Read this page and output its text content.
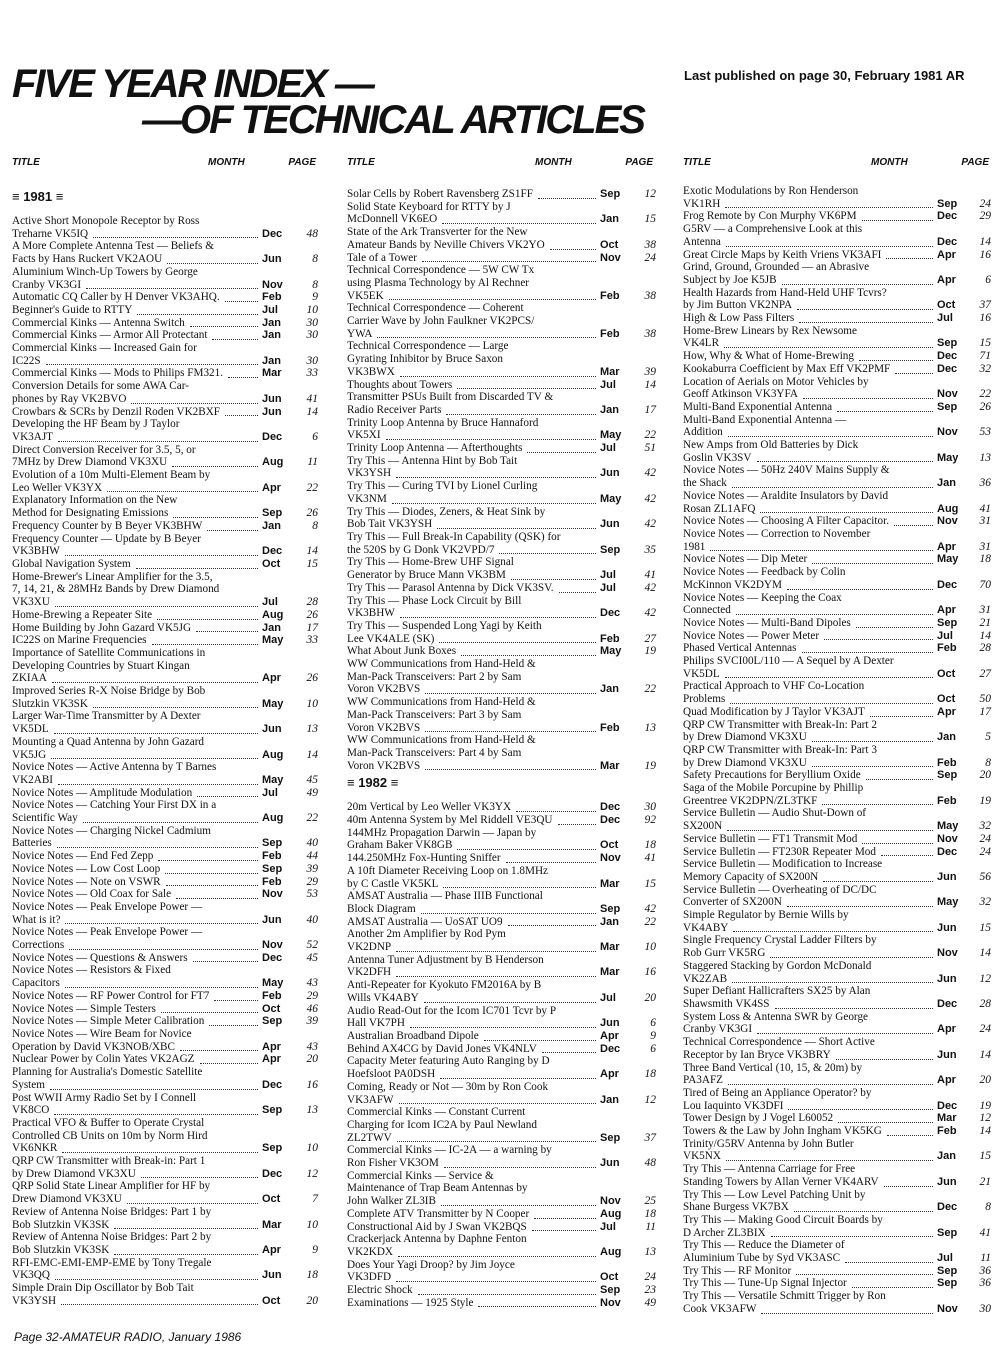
FIVE YEAR INDEX —
—OF TECHNICAL ARTICLES
Last published on page 30, February 1981 AR
TITLE	MONTH	PAGE
≡ 1981 ≡
Active Short Monopole Receptor by Ross
Treharne VK5IQ	Dec	48
A More Complete Antenna Test — Beliefs &
Facts by Hans Ruckert VK2AOU	Jun	8
Aluminium Winch-Up Towers by George
Cranby VK3GI	Nov	8
Automatic CQ Caller by H Denver VK3AHQ.	Feb	9
Beginner's Guide to RTTY	Jul	10
Commercial Kinks — Antenna Switch	Jan	30
Commercial Kinks — Armor All Protectant	Jan	30
Commercial Kinks — Increased Gain for
IC22S	Jan	30
Commercial Kinks — Mods to Philips FM321.	Mar	33
Conversion Details for some AWA Car-
phones by Ray VK2BVO	Jun	41
Crowbars & SCRs by Denzil Roden VK2BXF	Jun	14
Developing the HF Beam by J Taylor
VK3AJT	Dec	6
Direct Conversion Receiver for 3.5, 5, or
7MHz by Drew Diamond VK3XU	Aug	11
Evolution of a 10m Multi-Element Beam by
Leo Weller VK3YX	Apr	22
Explanatory Information on the New
Method for Designating Emissions	Sep	26
Frequency Counter by B Beyer VK3BHW	Jan	8
Frequency Counter — Update by B Beyer
VK3BHW	Dec	14
Global Navigation System	Oct	15
Home-Brewer's Linear Amplifier for the 3.5,
7, 14, 21, & 28MHz Bands by Drew Diamond
VK3XU	Jul	28
Home-Brewing a Repeater Site	Aug	26
Home Building by John Gazard VK5JG	Jan	17
IC22S on Marine Frequencies	May	33
Importance of Satellite Communications in
Developing Countries by Stuart Kingan
ZKIAA	Apr	26
Improved Series R-X Noise Bridge by Bob
Slutzkin VK3SK	May	10
Larger War-Time Transmitter by A Dexter
VK5DL	Jun	13
Mounting a Quad Antenna by John Gazard
VK5JG	Aug	14
Novice Notes — Active Antenna by T Barnes
VK2ABI	May	45
Novice Notes — Amplitude Modulation	Jul	49
Novice Notes — Catching Your First DX in a
Scientific Way	Aug	22
Novice Notes — Charging Nickel Cadmium
Batteries	Sep	40
Novice Notes — End Fed Zepp	Feb	44
Novice Notes — Low Cost Loop	Sep	39
Novice Notes — Note on VSWR	Feb	29
Novice Notes — Old Coax for Sale	Nov	53
Novice Notes — Peak Envelope Power —
What is it?	Jun	40
Novice Notes — Peak Envelope Power —
Corrections	Nov	52
Novice Notes — Questions & Answers	Dec	45
Novice Notes — Resistors & Fixed
Capacitors	May	43
Novice Notes — RF Power Control for FT7	Feb	29
Novice Notes — Simple Testers	Oct	46
Novice Notes — Simple Meter Calibration	Sep	39
Novice Notes — Wire Beam for Novice
Operation by David VK3NOB/XBC	Apr	43
Nuclear Power by Colin Yates VK2AGZ	Apr	20
Planning for Australia's Domestic Satellite
System	Dec	16
Post WWII Army Radio Set by I Connell
VK8CO	Sep	13
Practical VFO & Buffer to Operate Crystal
Controlled CB Units on 10m by Norm Hird
VK6NKR	Sep	10
QRP CW Transmitter with Break-in: Part 1
by Drew Diamond VK3XU	Dec	12
QRP Solid State Linear Amplifier for HF by
Drew Diamond VK3XU	Oct	7
Review of Antenna Noise Bridges: Part 1 by
Bob Slutzkin VK3SK	Mar	10
Review of Antenna Noise Bridges: Part 2 by
Bob Slutzkin VK3SK	Apr	9
RFI-EMC-EMI-EMP-EME by Tony Tregale
VK3QQ	Jun	18
Simple Drain Dip Oscillator by Bob Tait
VK3YSH	Oct	20
TITLE	MONTH	PAGE
Solar Cells by Robert Ravensberg ZS1FF	Sep	12
Solid State Keyboard for RTTY by J
McDonnell VK6EO	Jan	15
State of the Ark Transverter for the New
Amateur Bands by Neville Chivers VK2YO	Oct	38
Tale of a Tower	Nov	24
Technical Correspondence — 5W CW Tx
using Plasma Technology by Al Rechner
VK5EK	Feb	38
Technical Correspondence — Coherent
Carrier Wave by John Faulkner VK2PCS/
YWA	Feb	38
Technical Correspondence — Large
Gyrating Inhibitor by Bruce Saxon
VK3BWX	Mar	39
Thoughts about Towers	Jul	14
Transmitter PSUs Built from Discarded TV &
Radio Receiver Parts	Jan	17
Trinity Loop Antenna by Bruce Hannaford
VK5XI	May	22
Trinity Loop Antenna — Afterthoughts	Jul	51
Try This — Antenna Hint by Bob Tait
VK3YSH	Jun	42
Try This — Curing TVI by Lionel Curling
VK3NM	May	42
Try This — Diodes, Zeners, & Heat Sink by
Bob Tait VK3YSH	Jun	42
Try This — Full Break-In Capability (QSK) for
the 520S by G Donk VK2VPD/7	Sep	35
Try This — Home-Brew UHF Signal
Generator by Bruce Mann VK3BM	Jul	41
Try This — Parasol Antenna by Dick VK3SV.	Jul	42
Try This — Phase Lock Circuit by Bill
VK3BHW	Dec	42
Try This — Suspended Long Yagi by Keith
Lee VK4ALE (SK)	Feb	27
What About Junk Boxes	May	19
WW Communications from Hand-Held &
Man-Pack Transceivers: Part 2 by Sam
Voron VK2BVS	Jan	22
WW Communications from Hand-Held &
Man-Pack Transceivers: Part 3 by Sam
Voron VK2BVS	Feb	13
WW Communications from Hand-Held &
Man-Pack Transceivers: Part 4 by Sam
Voron VK2BVS	Mar	19
≡ 1982 ≡
20m Vertical by Leo Weller VK3YX	Dec	30
40m Antenna System by Mel Riddell VE3QU	Dec	92
144MHz Propagation Darwin — Japan by
Graham Baker VK8GB	Oct	18
144.250MHz Fox-Hunting Sniffer	Nov	41
A 10ft Diameter Receiving Loop on 1.8MHz
by C Castle VK5KL	Mar	15
AMSAT Australia — Phase IIIB Functional
Block Diagram	Sep	42
AMSAT Australia — UoSAT UO9	Jan	22
Another 2m Amplifier by Rod Pym
VK2DNP	Mar	10
Antenna Tuner Adjustment by B Henderson
VK2DFH	Mar	16
Anti-Repeater for Kyokuto FM2016A by B
Wills VK4ABY	Jul	20
Audio Read-Out for the Icom IC701 Tcvr by P
Hall VK7PH	Jun	6
Australian Broadband Dipole	Apr	9
Behind AX4CG by David Jones VK4NLV	Dec	6
Capacity Meter featuring Auto Ranging by D
Hoefsloot PA0DSH	Apr	18
Coming, Ready or Not — 30m by Ron Cook
VK3AFW	Jan	12
Commercial Kinks — Constant Current
Charging for Icom IC2A by Paul Newland
ZL2TWV	Sep	37
Commercial Kinks — IC-2A — a warning by
Ron Fisher VK3OM	Jun	48
Commercial Kinks — Service &
Maintenance of Trap Beam Antennas by
John Walker ZL3IB	Nov	25
Complete ATV Transmitter by N Cooper	Aug	18
Constructional Aid by J Swan VK2BQS	Jul	11
Crackerjack Antenna by Daphne Fenton
VK2KDX	Aug	13
Does Your Yagi Droop? by Jim Joyce
VK3DFD	Oct	24
Electric Shock	Sep	23
Examinations — 1925 Style	Nov	49
TITLE	MONTH	PAGE
Exotic Modulations by Ron Henderson
VK1RH	Sep	24
Frog Remote by Con Murphy VK6PM	Dec	29
G5RV — a Comprehensive Look at this
Antenna	Dec	14
Great Circle Maps by Keith Vriens VK3AFI	Apr	16
Grind, Ground, Grounded — an Abrasive
Subject by Joe K5JB	Apr	6
Health Hazards from Hand-Held UHF Tcvrs?
by Jim Button VK2NPA	Oct	37
High & Low Pass Filters	Jul	16
Home-Brew Linears by Rex Newsome
VK4LR	Sep	15
How, Why & What of Home-Brewing	Dec	71
Kookaburra Coefficient by Max Eff VK2PMF	Dec	32
Location of Aerials on Motor Vehicles by
Geoff Atkinson VK3YFA	Nov	22
Multi-Band Exponential Antenna	Sep	26
Multi-Band Exponential Antenna —
Addition	Nov	53
New Amps from Old Batteries by Dick
Goslin VK3SV	May	13
Novice Notes — 50Hz 240V Mains Supply &
the Shack	Jan	36
Novice Notes — Araldite Insulators by David
Rosan ZL1AFQ	Aug	41
Novice Notes — Choosing A Filter Capacitor.	Nov	31
Novice Notes — Correction to November
1981	Apr	31
Novice Notes — Dip Meter	May	18
Novice Notes — Feedback by Colin
McKinnon VK2DYM	Dec	70
Novice Notes — Keeping the Coax
Connected	Apr	31
Novice Notes — Multi-Band Dipoles	Sep	21
Novice Notes — Power Meter	Jul	14
Phased Vertical Antennas	Feb	28
Philips SVCI00L/110 — A Sequel by A Dexter
VK5DL	Oct	27
Practical Approach to VHF Co-Location
Problems	Oct	50
Quad Modification by J Taylor VK3AJT	Apr	17
QRP CW Transmitter with Break-In: Part 2
by Drew Diamond VK3XU	Jan	5
QRP CW Transmitter with Break-In: Part 3
by Drew Diamond VK3XU	Feb	8
Safety Precautions for Beryllium Oxide	Sep	20
Saga of the Mobile Porcupine by Phillip
Greentree VK2DPN/ZL3TKF	Feb	19
Service Bulletin — Audio Shut-Down of
SX200N	May	32
Service Bulletin — FT1 Transmit Mod	Nov	24
Service Bulletin — FT230R Repeater Mod	Dec	24
Service Bulletin — Modification to Increase
Memory Capacity of SX200N	Jun	56
Service Bulletin — Overheating of DC/DC
Converter of SX200N	May	32
Simple Regulator by Bernie Wills by
VK4ABY	Jun	15
Single Frequency Crystal Ladder Filters by
Rob Gurr VK5RG	Nov	14
Staggered Stacking by Gordon McDonald
VK2ZAB	Jun	12
Super Defiant Hallicrafters SX25 by Alan
Shawsmith VK4SS	Dec	28
System Loss & Antenna SWR by George
Cranby VK3GI	Apr	24
Technical Correspondence — Short Active
Receptor by Ian Bryce VK3BRY	Jun	14
Three Band Vertical (10, 15, & 20m) by
PA3AFZ	Apr	20
Tired of Being an Appliance Operator? by
Lou Iaquinto VK3DFI	Dec	19
Tower Design by J Vogel L60052	Mar	12
Towers & the Law by John Ingham VK5KG	Feb	14
Trinity/G5RV Antenna by John Butler
VK5NX	Jan	15
Try This — Antenna Carriage for Free
Standing Towers by Allan Verner VK4ARV	Jun	21
Try This — Low Level Patching Unit by
Shane Burgess VK7BX	Dec	8
Try This — Making Good Circuit Boards by
D Archer ZL3BIX	Sep	41
Try This — Reduce the Diameter of
Aluminium Tube by Syd VK3ASC	Jul	11
Try This — RF Monitor	Sep	36
Try This — Tune-Up Signal Injector	Sep	36
Try This — Versatile Schmitt Trigger by Ron
Cook VK3AFW	Nov	30
Page 32-AMATEUR RADIO, January 1986
